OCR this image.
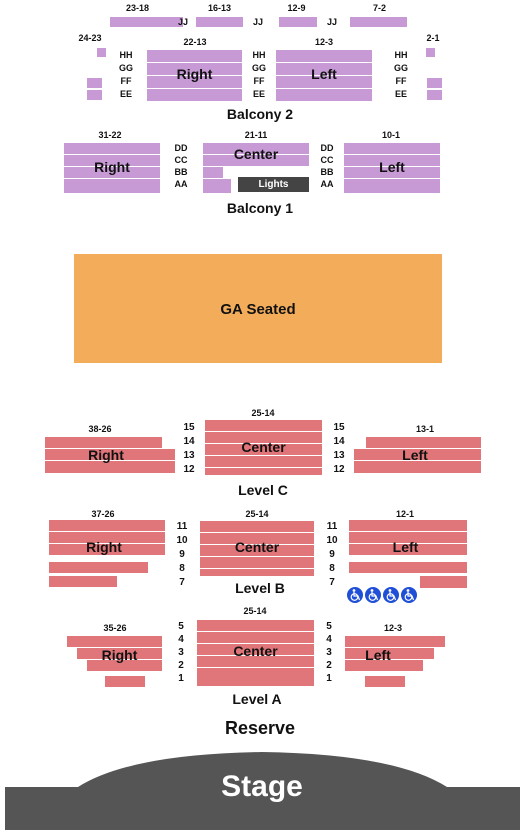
23-18	16-13	12-9	7-2
JJ	JJ	JJ
24-23	22-13	12-3	2-1
HH
GG
FF
EE
HH
GG
FF
EE
HH
GG
FF
EE
Right	Left
Balcony 2
31-22	21-11	10-1
DD
CC
BB
AA
DD
CC
BB
AA
Right
Center
Left
Lights
Balcony 1
GA Seated
38-26
25-14
13-1
15
14
13
12
15
14
13
12
Right	Center	Left
Level C
37-26	25-14	12-1
11
10
9
8
7
11
10
9
8
7
Right	Center	Left
Level B
35-26
25-14
12-3
5
4
3
2
1
5
4
3
2
1
Right	Center	Left
Level A
Reserve
Stage
